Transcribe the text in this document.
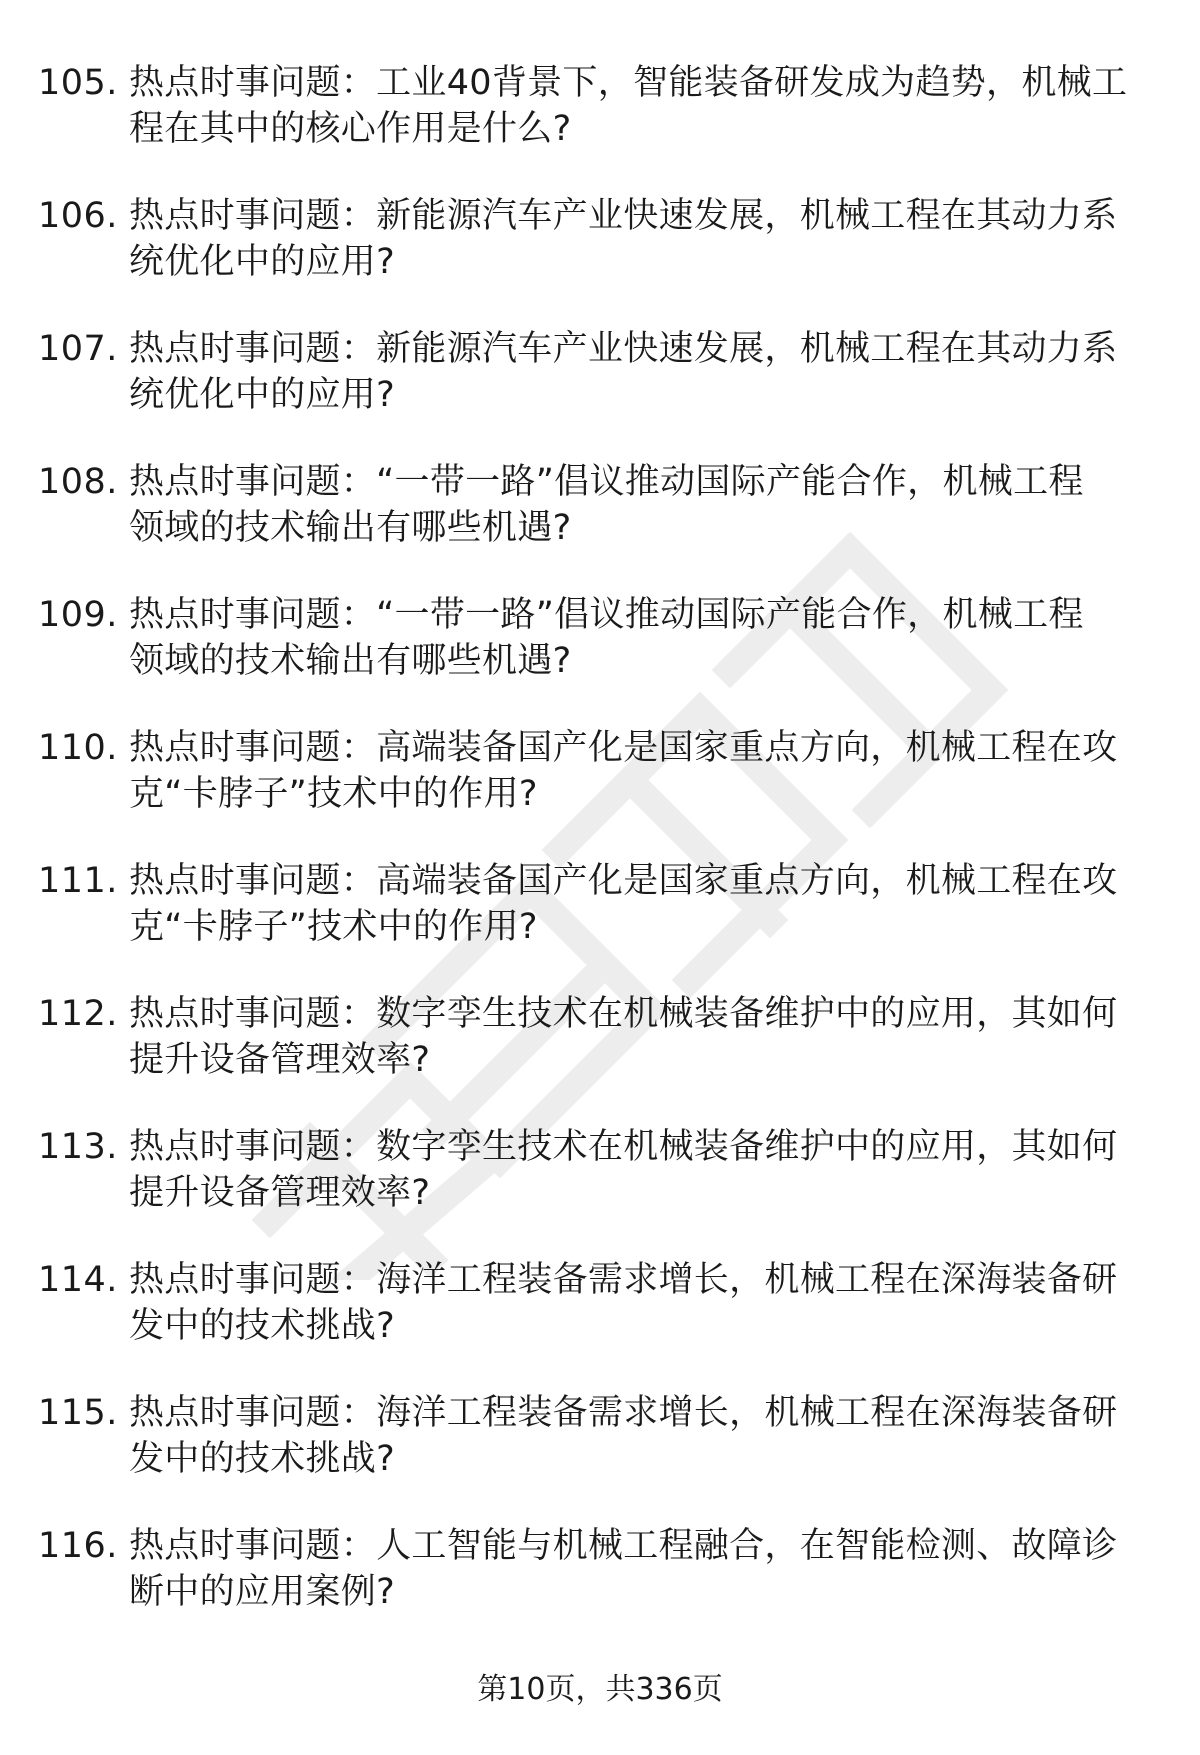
105. 热点时事问题：工业40背景下，智能装备研发成为趋势，机械工
程在其中的核心作用是什么?
106. 热点时事问题：新能源汽车产业快速发展，机械工程在其动力系
统优化中的应用?
107. 热点时事问题：新能源汽车产业快速发展，机械工程在其动力系
统优化中的应用?
108. 热点时事问题：“一带一路”倡议推动国际产能合作，机械工程
领域的技术输出有哪些机遇?
109. 热点时事问题：“一带一路”倡议推动国际产能合作，机械工程
领域的技术输出有哪些机遇?
110. 热点时事问题：高端装备国产化是国家重点方向，机械工程在攻
克“卡脖子”技术中的作用?
111. 热点时事问题：高端装备国产化是国家重点方向，机械工程在攻
克“卡脖子”技术中的作用?
112. 热点时事问题：数字孪生技术在机械装备维护中的应用，其如何
提升设备管理效率?
113. 热点时事问题：数字孪生技术在机械装备维护中的应用，其如何
提升设备管理效率?
114. 热点时事问题：海洋工程装备需求增长，机械工程在深海装备研
发中的技术挑战?
115. 热点时事问题：海洋工程装备需求增长，机械工程在深海装备研
发中的技术挑战?
116. 热点时事问题：人工智能与机械工程融合，在智能检测、故障诊
断中的应用案例?
第10页，共336页
